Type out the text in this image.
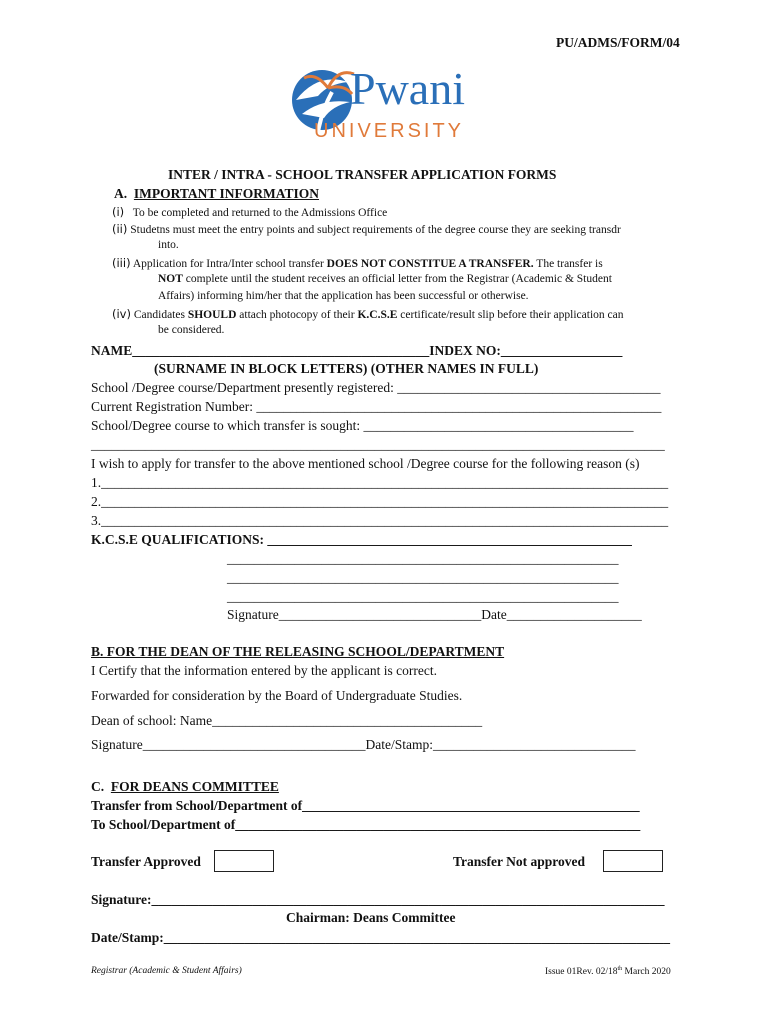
PU/ADMS/FORM/04
Pwani
UNIVERSITY
INTER / INTRA - SCHOOL TRANSFER APPLICATION FORMS
A. IMPORTANT INFORMATION
(i) To be completed and returned to the Admissions Office
(ii) Studetns must meet the entry points and subject requirements of the degree course they are seeking transdr
into.
(iii) Application for Intra/Inter school transfer DOES NOT CONSTITUE A TRANSFER. The transfer is
NOT complete until the student receives an official letter from the Registrar (Academic & Student
Affairs) informing him/her that the application has been successful or otherwise.
(iv) Candidates SHOULD attach photocopy of their K.C.S.E certificate/result slip before their application can
be considered.
NAME____________________________________________INDEX NO:__________________
(SURNAME IN BLOCK LETTERS) (OTHER NAMES IN FULL)
School /Degree course/Department presently registered: _______________________________________
Current Registration Number: ____________________________________________________________
School/Degree course to which transfer is sought: ________________________________________
_____________________________________________________________________________________
I wish to apply for transfer to the above mentioned school /Degree course for the following reason (s)
1.____________________________________________________________________________________
2.____________________________________________________________________________________
3.____________________________________________________________________________________
K.C.S.E QUALIFICATIONS: ______________________________________________________
__________________________________________________________
__________________________________________________________
__________________________________________________________
Signature______________________________Date____________________
B. FOR THE DEAN OF THE RELEASING SCHOOL/DEPARTMENT
I Certify that the information entered by the applicant is correct.
Forwarded for consideration by the Board of Undergraduate Studies.
Dean of school: Name________________________________________
Signature_________________________________Date/Stamp:______________________________
C. FOR DEANS COMMITTEE
Transfer from School/Department of__________________________________________________
To School/Department of____________________________________________________________
Transfer Approved	Transfer Not approved
Signature:____________________________________________________________________________
Chairman: Deans Committee
Date/Stamp:___________________________________________________________________________
Registrar (Academic & Student Affairs)	Issue 01Rev. 02/18th March 2020
